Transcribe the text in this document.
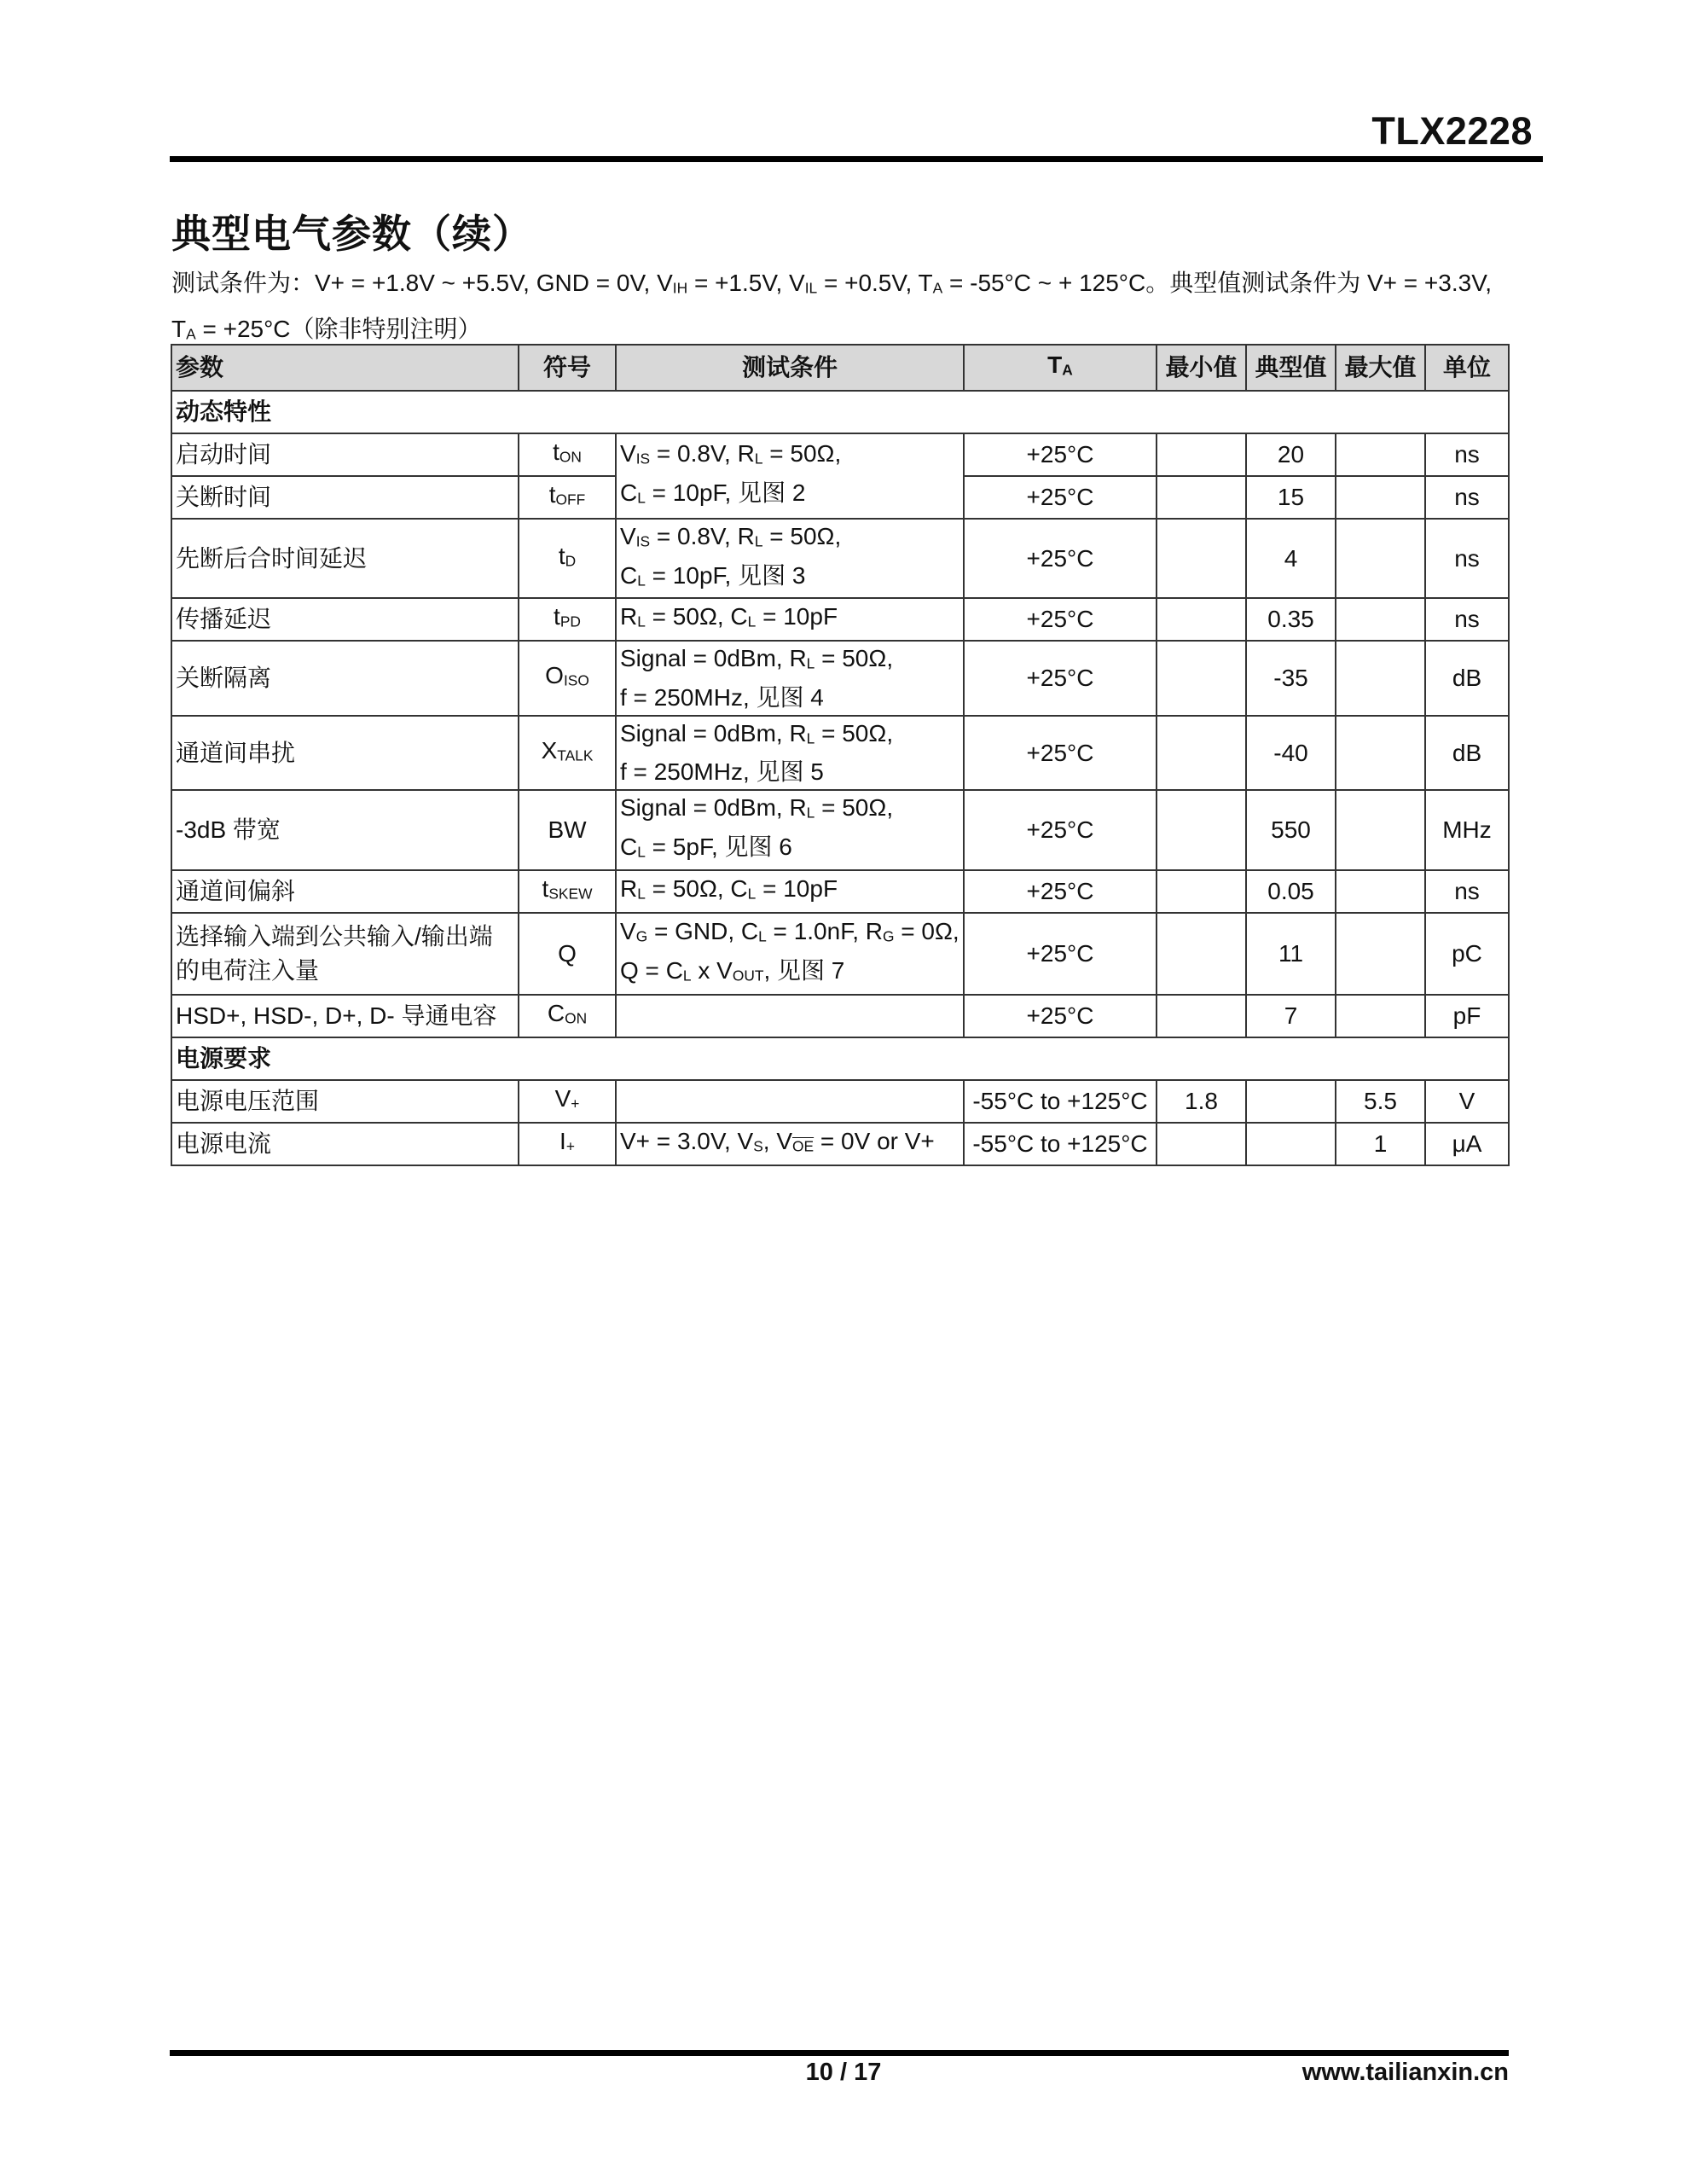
TLX2228
典型电气参数（续）
测试条件为：V+ = +1.8V ~ +5.5V, GND = 0V, $V_{IH} = +1.5V$, $V_{IL} = +0.5V$, $T_A = -55^\circ C$ ~ + 125°C。典型值测试条件为 V+ = +3.3V,
$T_A = +25^\circ C$（除非特别注明）
参数	符号	测试条件	$T_A$	最小值	典型值	最大值	单位
动态特性							
启动时间	$t_{ON}$	$V_{IS} = 0.8V$, $R_L = 50\Omega$,
$C_L = 10pF$, 见图 2	+25°C		20		ns
关断时间	$t_{OFF}$		+25°C		15		ns
先断后合时间延迟	$t_D$	$V_{IS} = 0.8V$, $R_L = 50\Omega$,
$C_L = 10pF$, 见图 3	+25°C		4		ns
传播延迟	$t_{PD}$	$R_L = 50\Omega$, $C_L = 10pF$	+25°C		0.35		ns
关断隔离	$O_{ISO}$	Signal = 0dBm, $R_L = 50\Omega$,
f = 250MHz, 见图 4	+25°C		-35		dB
通道间串扰	$X_{TALK}$	Signal = 0dBm, $R_L = 50\Omega$,
f = 250MHz, 见图 5	+25°C		-40		dB
-3dB 带宽	BW	Signal = 0dBm, $R_L = 50\Omega$,
$C_L = 5pF$, 见图 6	+25°C		550		MHz
通道间偏斜	$t_{SKEW}$	$R_L = 50\Omega$, $C_L = 10pF$	+25°C		0.05		ns
选择输入端到公共输入/输出端
的电荷注入量	Q	$V_G$ = GND, $C_L = 1.0nF$, $R_G = 0\Omega$,
$Q = C_L$ x $V_{OUT}$, 见图 7	+25°C		11		pC
HSD+, HSD-, D+, D- 导通电容	$C_{ON}$		+25°C		7		pF
电源要求							
电源电压范围	$V_+$		-55°C to +125°C	1.8		5.5	V
电源电流	$I_+$	V+ = 3.0V, $V_S$, $V_{\overline{OE}} = 0V$ or V+	-55°C to +125°C			1	μA
10 / 17	www.tailianxin.cn
